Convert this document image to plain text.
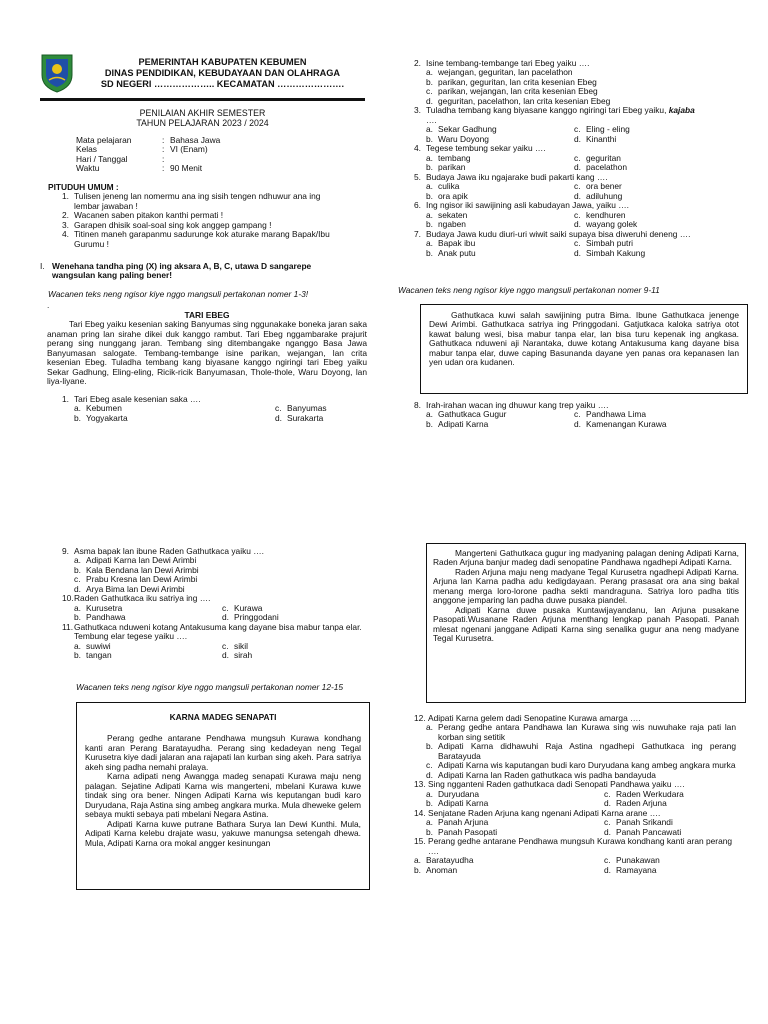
PEMERINTAH KABUPATEN KEBUMEN
DINAS PENDIDIKAN, KEBUDAYAAN DAN OLAHRAGA
SD NEGERI ……………….. KECAMATAN ………………….
PENILAIAN AKHIR SEMESTER
TAHUN PELAJARAN 2023 / 2024
Mata pelajaran	: Bahasa Jawa
Kelas	: VI (Enam)
Hari / Tanggal	:
Waktu	: 90 Menit
PITUDUH UMUM :
1. Tulisen jeneng lan nomermu ana ing sisih tengen ndhuwur ana ing lembar jawaban !
2. Wacanen saben pitakon kanthi permati !
3. Garapen dhisik soal-soal sing kok anggep gampang !
4. Titinen maneh garapanmu sadurunge kok aturake marang Bapak/Ibu Gurumu !
I. Wenehana tandha ping (X) ing aksara A, B, C, utawa D sangarepe wangsulan kang paling bener!
Wacanen teks neng ngisor kiye nggo mangsuli pertakonan nomer 1-3!
.
TARI EBEG
Tari Ebeg yaiku kesenian saking Banyumas sing nggunakake boneka jaran saka anaman pring lan sirahe dikei duk kanggo rambut. Tari Ebeg nggambarake prajurit perang sing nunggang jaran. Tembang sing ditembangake nganggo Basa Jawa Banyumasan salogate. Tembang-tembange isine parikan, wejangan, lan crita kesenian Ebeg. Tuladha tembang kang biyasane kanggo ngiringi tari Ebeg yaiku Sekar Gadhung, Eling-eling, Ricik-ricik Banyumasan, Thole-thole, Waru Doyong, lan liya-liyane.
1. Tari Ebeg asale kesenian saka ….
a. Kebumen	c. Banyumas
b. Yogyakarta	d. Surakarta
2. Isine tembang-tembange tari Ebeg yaiku ….
a. wejangan, geguritan, lan pacelathon
b. parikan, geguritan, lan crita kesenian Ebeg
c. parikan, wejangan, lan crita kesenian Ebeg
d. geguritan, pacelathon, lan crita kesenian Ebeg
3. Tuladha tembang kang biyasane kanggo ngiringi tari Ebeg yaiku, kajaba
….
a. Sekar Gadhung	c. Eling - eling
b. Waru Doyong	d. Kinanthi
4. Tegese tembung sekar yaiku ….
a. tembang	c. geguritan
b. parikan	d. pacelathon
5. Budaya Jawa iku ngajarake budi pakarti kang ….
a. culika	c. ora bener
b. ora apik	d. adiluhung
6. Ing ngisor iki sawijining asli kabudayan Jawa, yaiku ….
a. sekaten	c. kendhuren
b. ngaben	d. wayang golek
7. Budaya Jawa kudu diuri-uri wiwit saiki supaya bisa diweruhi deneng ….
a. Bapak ibu	c. Simbah putri
b. Anak putu	d. Simbah Kakung
Wacanen teks neng ngisor kiye nggo mangsuli pertakonan nomer 9-11
Gathutkaca kuwi salah sawijining putra Bima. Ibune Gathutkaca jenenge Dewi Arimbi. Gathutkaca satriya ing Pringgodani. Gatjutkaca kaloka satriya otot kawat balung wesi, bisa mabur tanpa elar, lan bisa turu kepenak ing angkasa. Gathutkaca nduweni aji Narantaka, duwe kotang Antakusuma kang dayane bisa mabur tanpa elar, duwe caping Basunanda dayane yen panas ora kepanasen lan yen udan ora kudanen.
8. Irah-irahan wacan ing dhuwur kang trep yaiku ….
a. Gathutkaca Gugur	c. Pandhawa Lima
b. Adipati Karna	d. Kamenangan Kurawa
9. Asma bapak lan ibune Raden Gathutkaca yaiku ….
a. Adipati Karna lan Dewi Arimbi
b. Kala Bendana lan Dewi Arimbi
c. Prabu Kresna lan Dewi Arimbi
d. Arya Bima lan Dewi Arimbi
10. Raden Gathutkaca iku satriya ing ….
a. Kurusetra	c. Kurawa
b. Pandhawa	d. Pringgodani
11. Gathutkaca nduweni kotang Antakusuma kang dayane bisa mabur tanpa elar. Tembung elar tegese yaiku ….
a. suwiwi	c. sikil
b. tangan	d. sirah
Wacanen teks neng ngisor kiye nggo mangsuli pertakonan nomer 12-15
KARNA MADEG SENAPATI
Perang gedhe antarane Pendhawa mungsuh Kurawa kondhang kanti aran Perang Baratayudha. Perang sing kedadeyan neng Tegal Kurusetra kiye dadi jalaran ana rajapati lan kurban sing akeh. Para satriya akeh sing padha nemahi pralaya.
Karna adipati neng Awangga madeg senapati Kurawa maju neng palagan. Sejatine Adipati Karna wis mangerteni, mbelani Kurawa kuwe tindak sing ora bener. Ningen Adipati Karna wis keputangan budi karo Duryudana, Raja Astina sing ambeg angkara murka. Mula dheweke gelem sebaya mukti sebaya pati mbelani Negara Astina.
Adipati Karna kuwe putrane Bathara Surya lan Dewi Kunthi. Mula, Adipati Karna kelebu drajate wasu, yakuwe manungsa setengah dhewa. Mula, Adipati Karna ora mokal angger kesinungan
Mangerteni Gathutkaca gugur ing madyaning palagan dening Adipati Karna, Raden Arjuna banjur madeg dadi senopatine Pandhawa ngadhepi Adipati Karna.
Raden Arjuna maju neng madyane Tegal Kurusetra ngadhepi Adipati Karna. Arjuna lan Karna padha adu kedigdayaan. Perang prasasat ora ana sing bakal menang merga loro-lorone padha sekti mandraguna. Satriya loro padha titis anggone jemparing lan padha duwe pusaka piandel.
Adipati Karna duwe pusaka Kuntawijayandanu, lan Arjuna pusakane Pasopati.Wusanane Raden Arjuna menthang lengkap panah Pasopati. Panah mlesat ngenani janggane Adipati Karna sing senalika gugur ana neng madyane Tegal Kurusetra.
12. Adipati Karna gelem dadi Senopatine Kurawa amarga ….
a. Perang gedhe antara Pandhawa lan Kurawa sing wis nuwuhake raja pati lan korban sing setitik
b. Adipati Karna didhawuhi Raja Astina ngadhepi Gathutkaca ing perang Baratayuda
c. Adipati Karna wis kaputangan budi karo Duryudana kang ambeg angkara murka
d. Adipati Karna lan Raden gathutkaca wis padha bandayuda
13. Sing ngganteni Raden gathutkaca dadi Senopati Pandhawa yaiku ….
a. Duryudana	c. Raden Werkudara
b. Adipati Karna	d. Raden Arjuna
14. Senjatane Raden Arjuna kang ngenani Adipati Karna arane ….
a. Panah Arjuna	c. Panah Srikandi
b. Panah Pasopati	d. Panah Pancawati
15. Perang gedhe antarane Pendhawa mungsuh Kurawa kondhang kanti aran perang ….
a. Baratayudha	c. Punakawan
b. Anoman	d. Ramayana
